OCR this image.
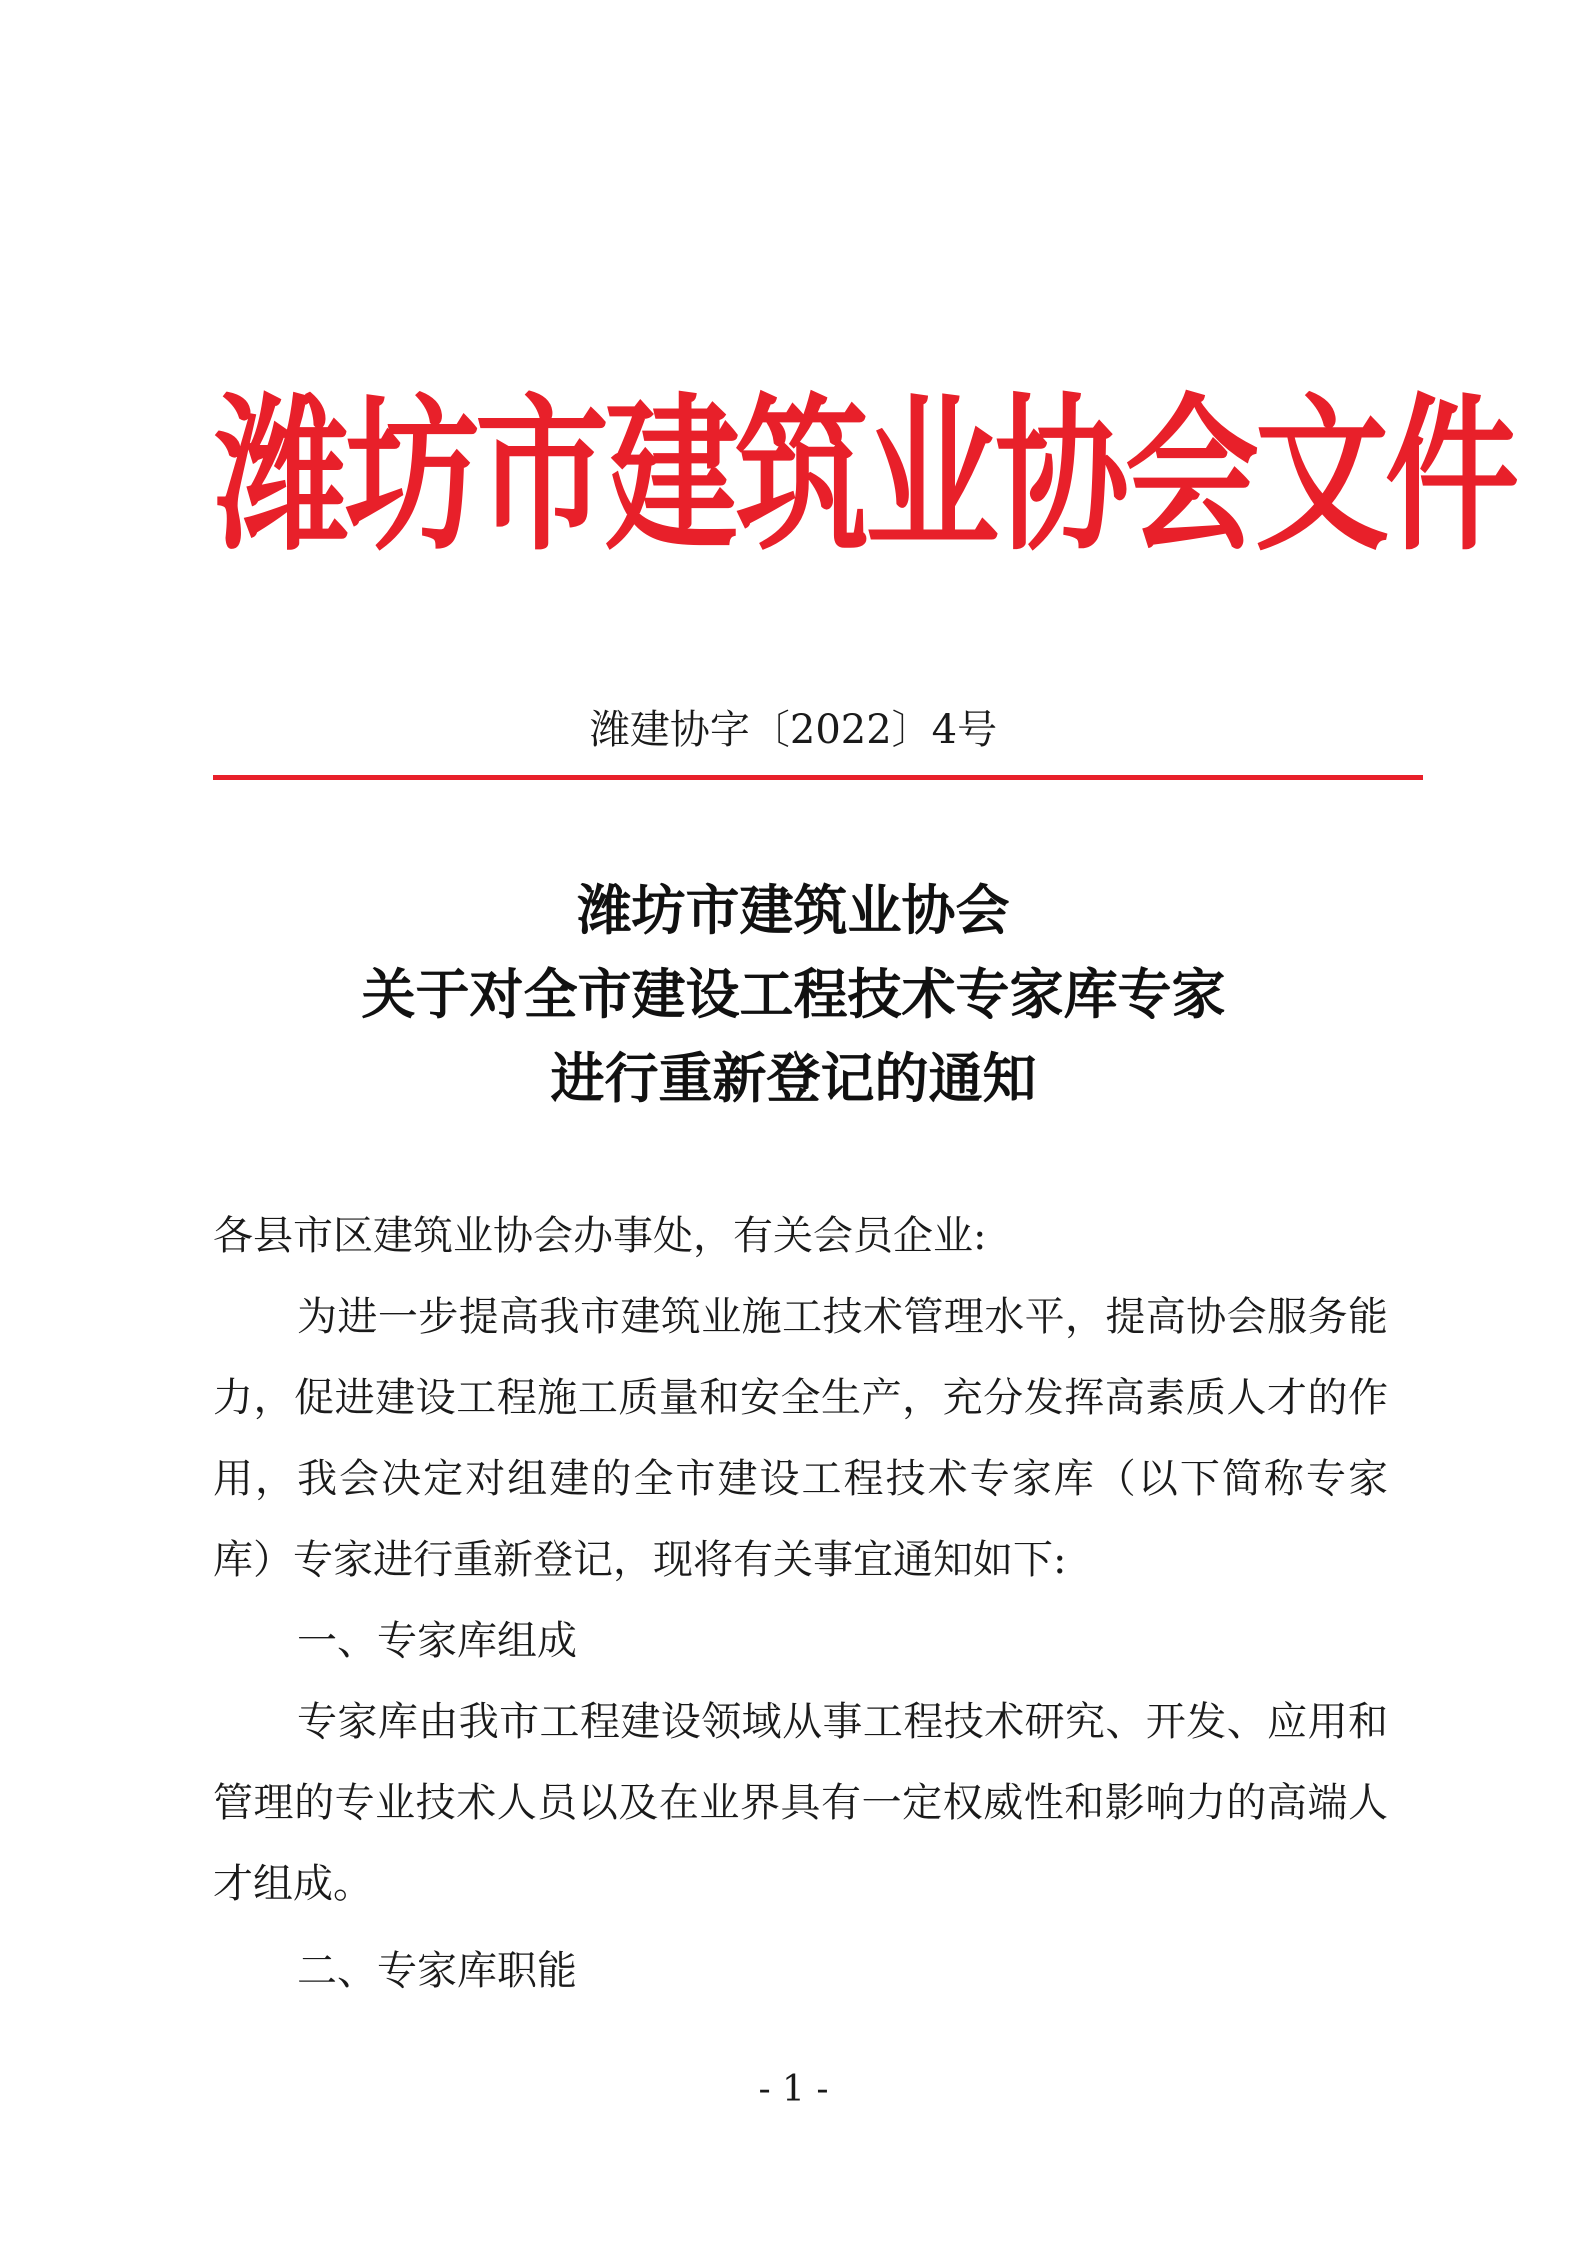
潍坊市建筑业协会文件
潍建协字〔2022〕4号
潍坊市建筑业协会
关于对全市建设工程技术专家库专家
进行重新登记的通知

各县市区建筑业协会办事处，有关会员企业:

为进一步提高我市建筑业施工技术管理水平，提高协会服务能力，促进建设工程施工质量和安全生产，充分发挥高素质人才的作用，我会决定对组建的全市建设工程技术专家库（以下简称专家库）专家进行重新登记，现将有关事宜通知如下:

一、专家库组成

专家库由我市工程建设领域从事工程技术研究、开发、应用和管理的专业技术人员以及在业界具有一定权威性和影响力的高端人才组成。

二、专家库职能

- 1 -
